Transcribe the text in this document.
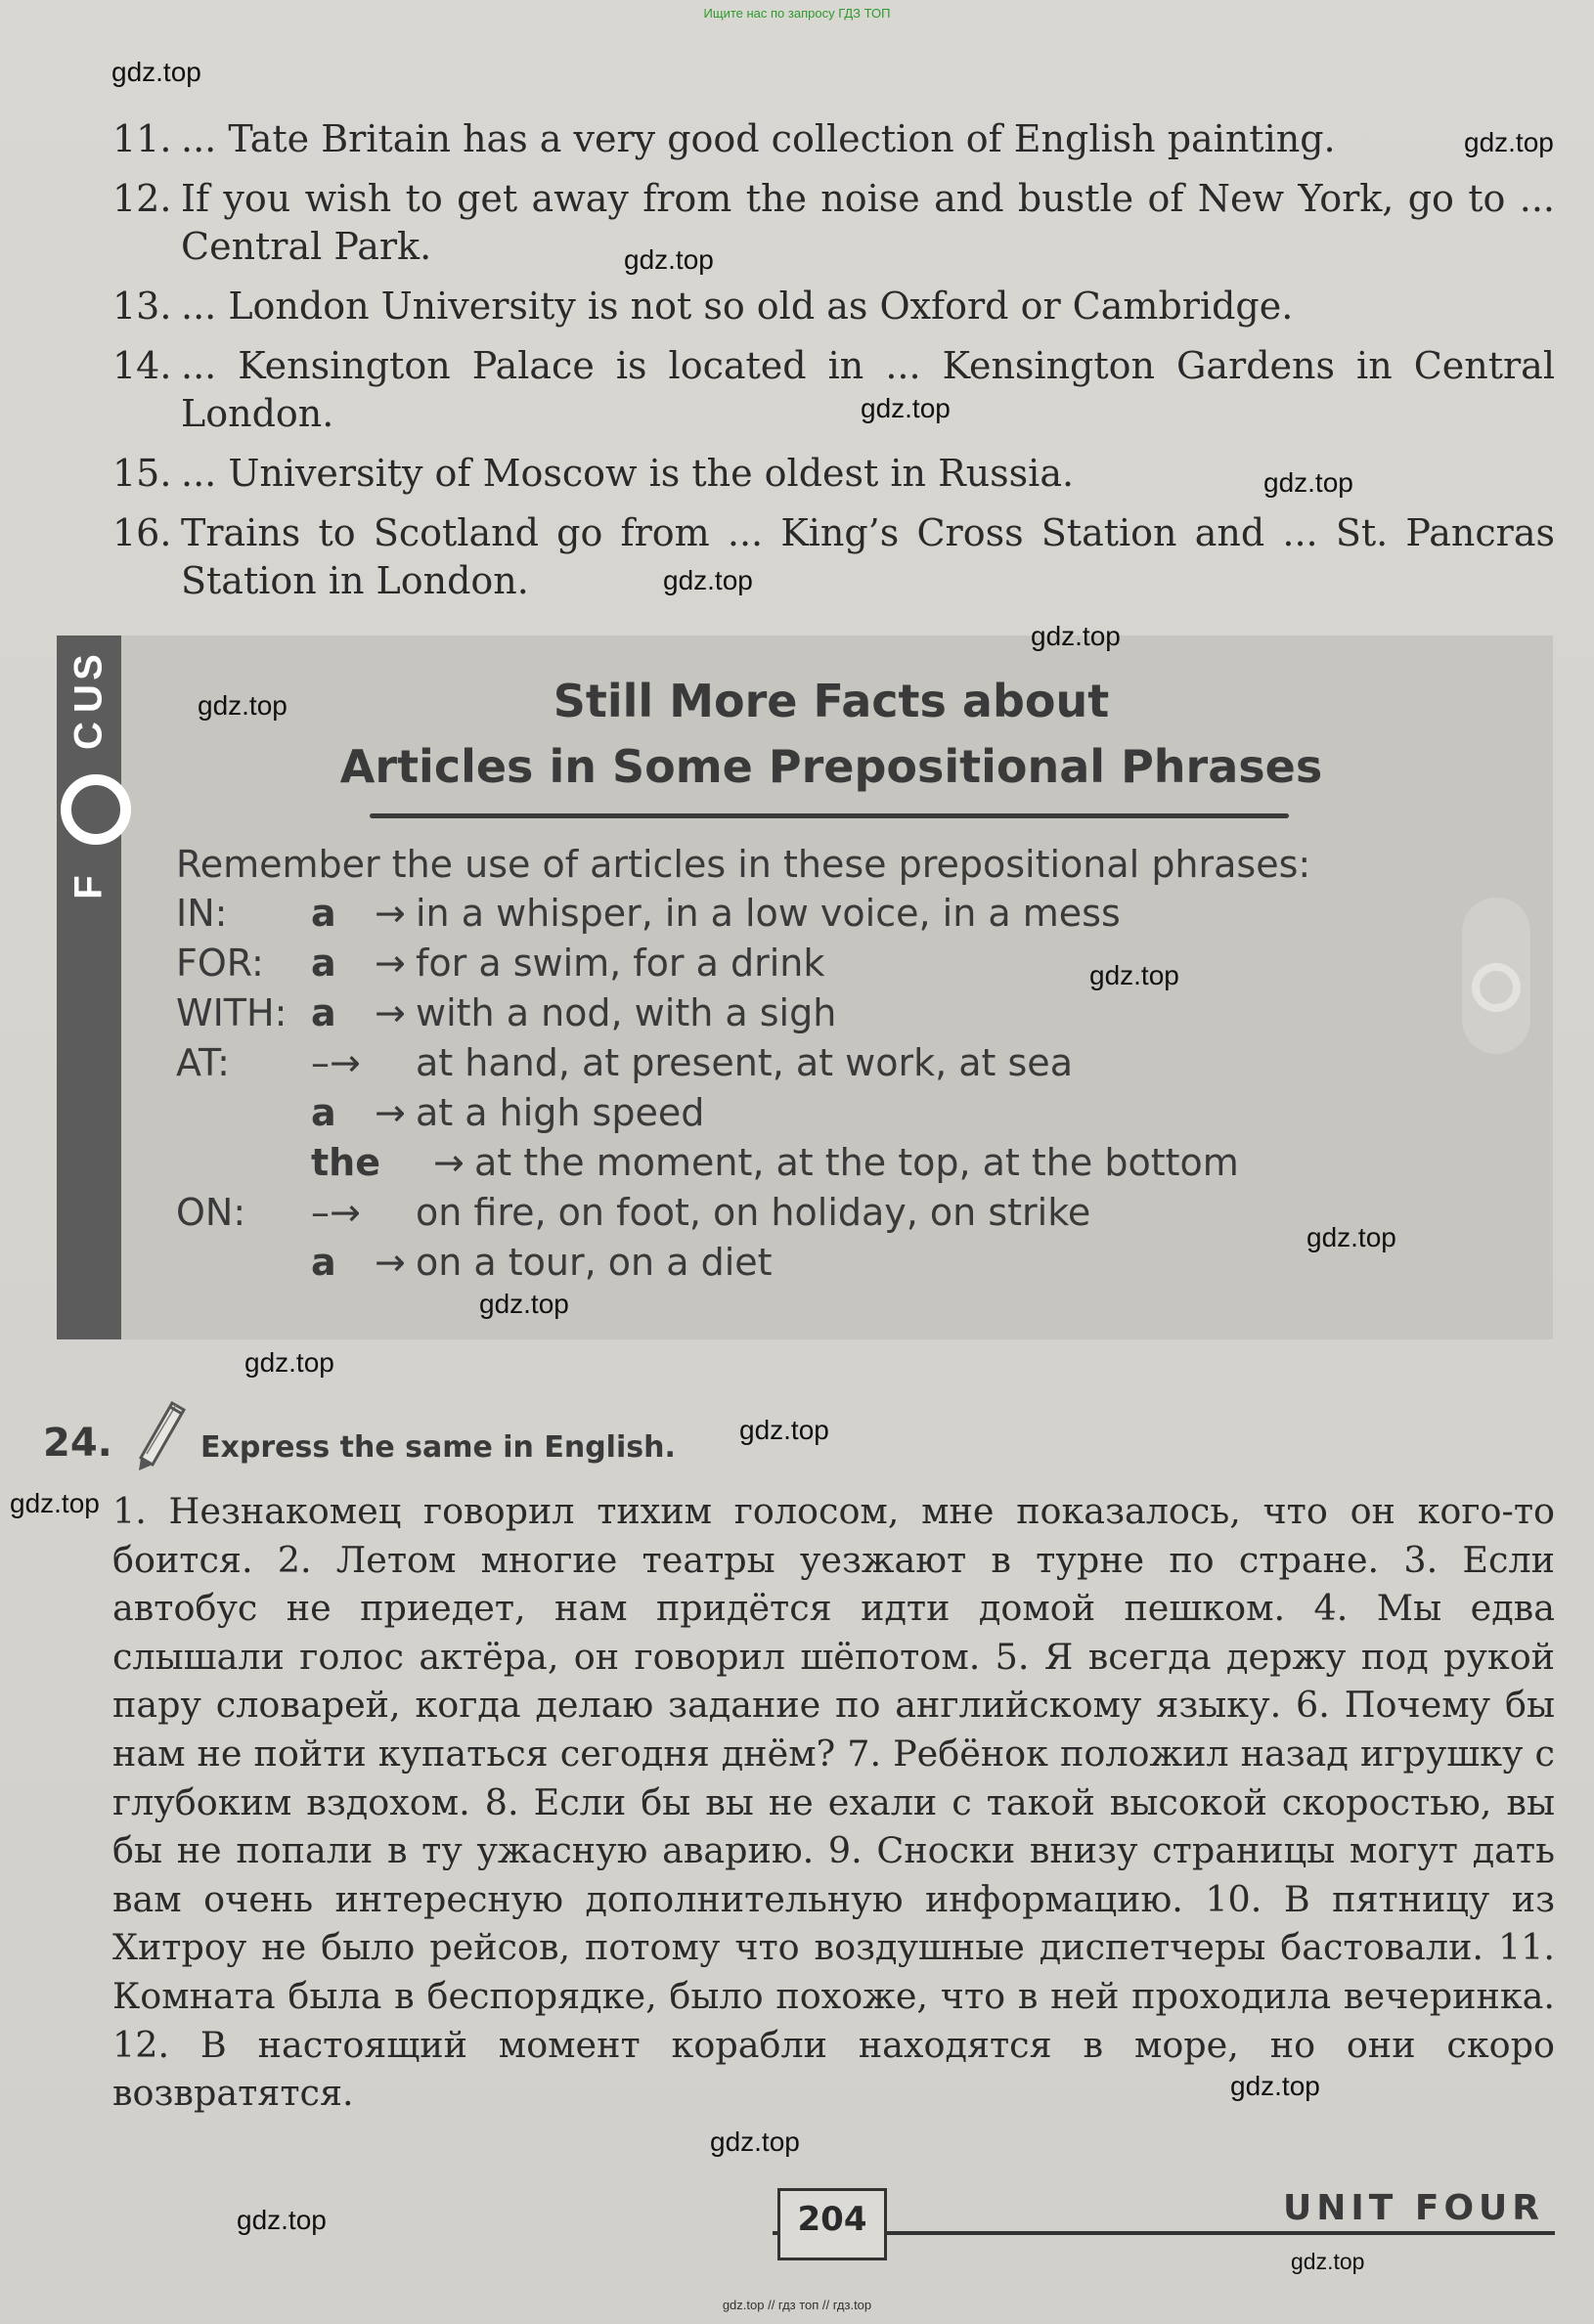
Ищите нас по запросу ГДЗ ТОП
11. ... Tate Britain has a very good collection of English painting.
12. If you wish to get away from the noise and bustle of New York, go to ... Central Park.
13. ... London University is not so old as Oxford or Cambridge.
14. ... Kensington Palace is located in ... Kensington Gardens in Central London.
15. ... University of Moscow is the oldest in Russia.
16. Trains to Scotland go from ... King’s Cross Station and ... St. Pancras Station in London.
F
C
U
S
Still More Facts about
Articles in Some Prepositional Phrases
Remember the use of articles in these prepositional phrases:
IN: a → in a whisper, in a low voice, in a mess
FOR: a → for a swim, for a drink
WITH: a → with a nod, with a sigh
AT: –→ at hand, at present, at work, at sea
a → at a high speed
the → at the moment, at the top, at the bottom
ON: –→ on fire, on foot, on holiday, on strike
a → on a tour, on a diet
24.	Express the same in English.

1. Незнакомец говорил тихим голосом, мне показалось, что он кого-то боится. 2. Летом многие театры уезжают в турне по стране. 3. Если автобус не приедет, нам придётся идти домой пешком. 4. Мы едва слышали голос актёра, он говорил шёпотом. 5. Я всегда держу под рукой пару словарей, когда делаю задание по английскому языку. 6. Почему бы нам не пойти купаться сегодня днём? 7. Ребёнок положил назад игрушку с глубоким вздохом. 8. Если бы вы не ехали с такой высокой скоростью, вы бы не попали в ту ужасную аварию. 9. Сноски внизу страницы могут дать вам очень интересную дополнительную информацию. 10. В пятницу из Хитроу не было рейсов, потому что воздушные диспетчеры бастовали. 11. Комната была в беспорядке, было похоже, что в ней проходила вечеринка. 12. В настоящий момент корабли находятся в море, но они скоро возвратятся.

204	UNIT FOUR
gdz.top
gdz.top
gdz.top
gdz.top
gdz.top
gdz.top
gdz.top
gdz.top
gdz.top
gdz.top
gdz.top
gdz.top
gdz.top
gdz.top
gdz.top
gdz.top
gdz.top
gdz.top
gdz.top // гдз топ // гдз.top
